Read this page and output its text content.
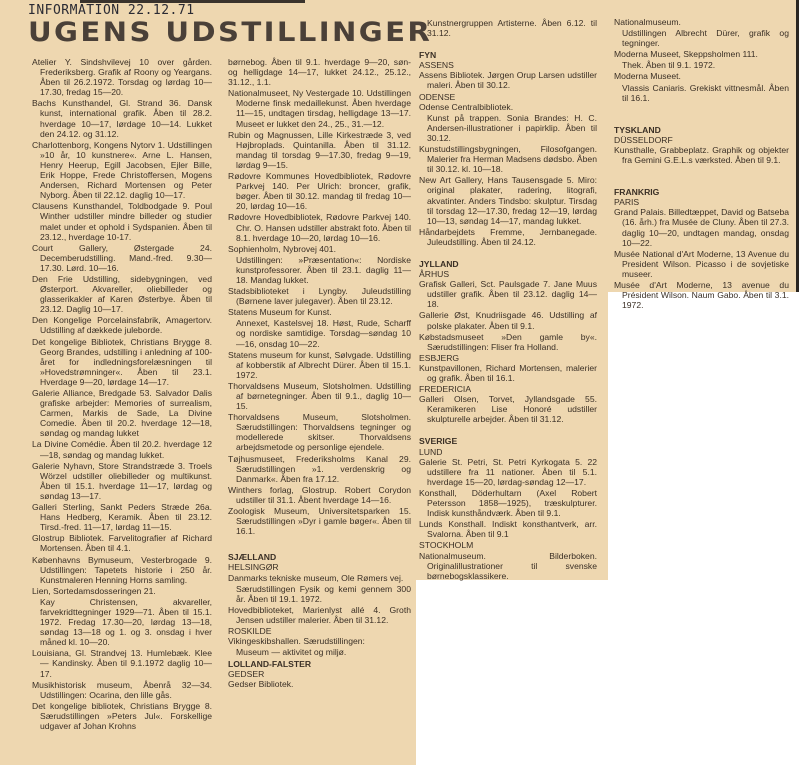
INFORMATION 22.12.71
UGENS UDSTILLINGER
Atelier Y. Sindshvilevej 10 over gården. Frederiksberg. Grafik af Roony og Yeargans. Åben til 26.2.1972. Torsdag og lørdag 10—17.30, fredag 15—20.
Bachs Kunsthandel, Gl. Strand 36. Dansk kunst, international grafik. Åben til 28.2. hverdage 10—17, lørdage 10—14. Lukket den 24.12. og 31.12.
Charlottenborg, Kongens Nytorv 1. Udstillingen »10 år, 10 kunstnere«. Arne L. Hansen, Henry Heerup, Egill Jacobsen, Ejler Bille, Erik Hoppe, Frede Christoffersen, Mogens Andersen, Richard Mortensen og Peter Nyborg. Åben til 22.12. daglig 10—17.
Clausens Kunsthandel, Toldbodgade 9. Poul Winther udstiller mindre billeder og studier malet under et ophold i Sydspanien. Åben til 23.12., hverdage 10-17.
Court Gallery, Østergade 24. Decemberudstilling. Mand.-fred. 9.30—17.30. Lørd. 10—16.
Den Frie Udstilling, sidebygningen, ved Østerport. Akvareller, oliebilleder og glasserikakler af Karen Østerbye. Åben til 23.12. Daglig 10—17.
Den Kongelige Porcelainsfabrik, Amagertorv. Udstilling af dækkede juleborde.
Det kongelige Bibliotek, Christians Brygge 8. Georg Brandes, udstilling i anledning af 100-året for indledningsforelæsningen til »Hovedstrømninger«. Åben til 23.1. Hverdage 9—20, lørdage 14—17.
Galerie Alliance, Bredgade 53. Salvador Dalis grafiske arbejder: Memories of surrealism, Carmen, Markis de Sade, La Divine Comedie. Åben til 20.2. hverdage 12—18, søndag og mandag lukket
La Divine Comédie. Åben til 20.2. hverdage 12—18, søndag og mandag lukket.
Galerie Nyhavn, Store Strandstræde 3. Troels Wörzel udstiller oliebilleder og multikunst. Åben til 15.1. hverdage 11—17, lørdag og søndag 13—17.
Galleri Sterling, Sankt Peders Stræde 26a. Hans Hedberg, Keramik. Åben til 23.12. Tirsd.-fred. 11—17, lørdag 11—15.
Glostrup Bibliotek. Farvelitografier af Richard Mortensen. Åben til 4.1.
Københavns Bymuseum, Vesterbrogade 9. Udstillingen: Tapetets historie i 250 år. Kunstmaleren Henning Horns samling.
Lien, Sortedamsdosseringen 21.
Kay Christensen, akvareller, farvekridttegninger 1929—71. Åben til 15.1. 1972. Fredag 17.30—20, lørdag 13—18, søndag 13—18 og 1. og 3. onsdag i hver måned kl. 10—20.
Louisiana, Gl. Strandvej 13. Humlebæk. Klee — Kandinsky. Åben til 9.1.1972 daglig 10—17.
Musikhistorisk museum, Åbenrå 32—34. Udstillingen: Ocarina, den lille gås.
Det kongelige bibliotek, Christians Brygge 8. Særudstillingen »Peters Jul«. Forskellige udgaver af Johan Krohns
børnebog. Åben til 9.1. hverdage 9—20, søn- og helligdage 14—17, lukket 24.12., 25.12., 31.12., 1.1.
Nationalmuseet, Ny Vestergade 10. Udstillingen Moderne finsk medaillekunst. Åben hverdage 11—15, undtagen tirsdag, helligdage 13—17. Museet er lukket den 24., 25., 31.—12.
Rubin og Magnussen, Lille Kirkestræde 3, ved Højbroplads. Quintanilla. Åben til 31.12. mandag til torsdag 9—17.30, fredag 9—19, lørdag 9—15.
Rødovre Kommunes Hovedbibliotek, Rødovre Parkvej 140. Per Ulrich: broncer, grafik, bøger. Åben til 30.12. mandag til fredag 10—20, lørdag 10—16.
Rødovre Hovedbibliotek, Rødovre Parkvej 140. Chr. O. Hansen udstiller abstrakt foto. Åben til 8.1. hverdage 10—20, lørdag 10—16.
Sophienholm, Nybrovej 401.
Udstillingen: »Præsentation«: Nordiske kunstprofessorer. Åben til 23.1. daglig 11—18. Mandag lukket.
Stadsbiblioteket i Lyngby. Juleudstilling (Børnene laver julegaver). Åben til 23.12.
Statens Museum for Kunst.
Annexet, Kastelsvej 18. Høst, Rude, Scharff og nordiske samtidige. Torsdag—søndag 10—16, onsdag 10—22.
Statens museum for kunst, Sølvgade. Udstilling af kobberstik af Albrecht Dürer. Åben til 15.1. 1972.
Thorvaldsens Museum, Slotsholmen. Udstilling af børnetegninger. Åben til 9.1., daglig 10—15.
Thorvaldsens Museum, Slotsholmen. Særudstillingen: Thorvaldsens tegninger og modellerede skitser. Thorvaldsens arbejdsmetode og personlige ejendele.
Tøjhusmuseet, Frederiksholms Kanal 29. Særudstillingen »1. verdenskrig og Danmark«. Åben fra 17.12.
Winthers forlag, Glostrup. Robert Corydon udstiller til 31.1. Åbent hverdage 14—16.
Zoologisk Museum, Universitetsparken 15. Særudstillingen »Dyr i gamle bøger«. Åben til 16.1.
SJÆLLAND
HELSINGØR
Danmarks tekniske museum, Ole Rømers vej.
Særudstillingen Fysik og kemi gennem 300 år. Åben til 19.1. 1972.
Hovedbiblioteket, Marienlyst allé 4. Groth Jensen udstiller malerier. Åben til 31.12.
ROSKILDE
Vikingeskibshallen. Særudstillingen:
Museum — aktivitet og miljø.
LOLLAND-FALSTER
GEDSER
Gedser Bibliotek.
Kunstnergruppen Artisterne. Åben 6.12. til 31.12.
FYN
ASSENS
Assens Bibliotek. Jørgen Orup Larsen udstiller maleri. Åben til 30.12.
ODENSE
Odense Centralbibliotek.
Kunst på trappen. Sonia Brandes: H. C. Andersen-illustrationer i papirklip. Åben til 30.12.
Kunstudstillingsbygningen, Filosofgangen. Malerier fra Herman Madsens dødsbo. Åben til 30.12. kl. 10—18.
New Art Gallery, Hans Tausensgade 5. Miro: original plakater, radering, litografi, akvatinter. Anders Tindsbo: skulptur. Tirsdag til torsdag 12—17.30, fredag 12—19, lørdag 10—13, søndag 14—17, mandag lukket.
Håndarbejdets Fremme, Jernbanegade. Juleudstilling. Åben til 24.12.
JYLLAND
ÅRHUS
Grafisk Galleri, Sct. Paulsgade 7. Jane Muus udstiller grafik. Åben til 23.12. daglig 14—18.
Gallerie Øst, Knudriisgade 46. Udstilling af polske plakater. Åben til 9.1.
Købstadsmuseet »Den gamle by«. Særudstillingen: Fliser fra Holland.
ESBJERG
Kunstpavillonen, Richard Mortensen, malerier og grafik. Åben til 16.1.
FREDERICIA
Galleri Olsen, Torvet, Jyllandsgade 55. Keramikeren Lise Honoré udstiller skulpturelle arbejder. Åben til 31.12.
SVERIGE
LUND
Galerie St. Petri, St. Petri Kyrkogata 5. 22 udstillere fra 11 nationer. Åben til 5.1. hverdage 15—20, lørdag-søndag 12—17.
Konsthall, Döderhultarn (Axel Robert Petersson 1858—1925), træskulpturer. Indisk kunsthåndværk. Åben til 9.1.
Lunds Konsthall. Indiskt konsthantverk, arr. Svalorna. Åben til 9.1
STOCKHOLM
Nationalmuseum. Bilderboken. Originalillustrationer til svenske børnebogsklassikere.
Nationalmuseum.
Udstillingen Albrecht Dürer, grafik og tegninger.
Moderna Museet, Skeppsholmen 111.
Thek. Åben til 9.1. 1972.
Moderna Museet.
Vlassis Caniaris. Grekiskt vittnesmål. Åben til 16.1.
TYSKLAND
DÜSSELDORF
Kunsthalle, Grabbeplatz. Graphik og objekter fra Gemini G.E.L.s værksted. Åben til 9.1.
FRANKRIG
PARIS
Grand Palais. Billedtæppet, David og Batseba (16. årh.) fra Musée de Cluny. Åben til 27.3. daglig 10—20, undtagen mandag, onsdag 10—22.
Musée National d'Art Moderne, 13 Avenue du President Wilson. Picasso i de sovjetiske museer.
Musée d'Art Moderne, 13 avenue du Président Wilson. Naum Gabo. Åben til 3.1. 1972.
